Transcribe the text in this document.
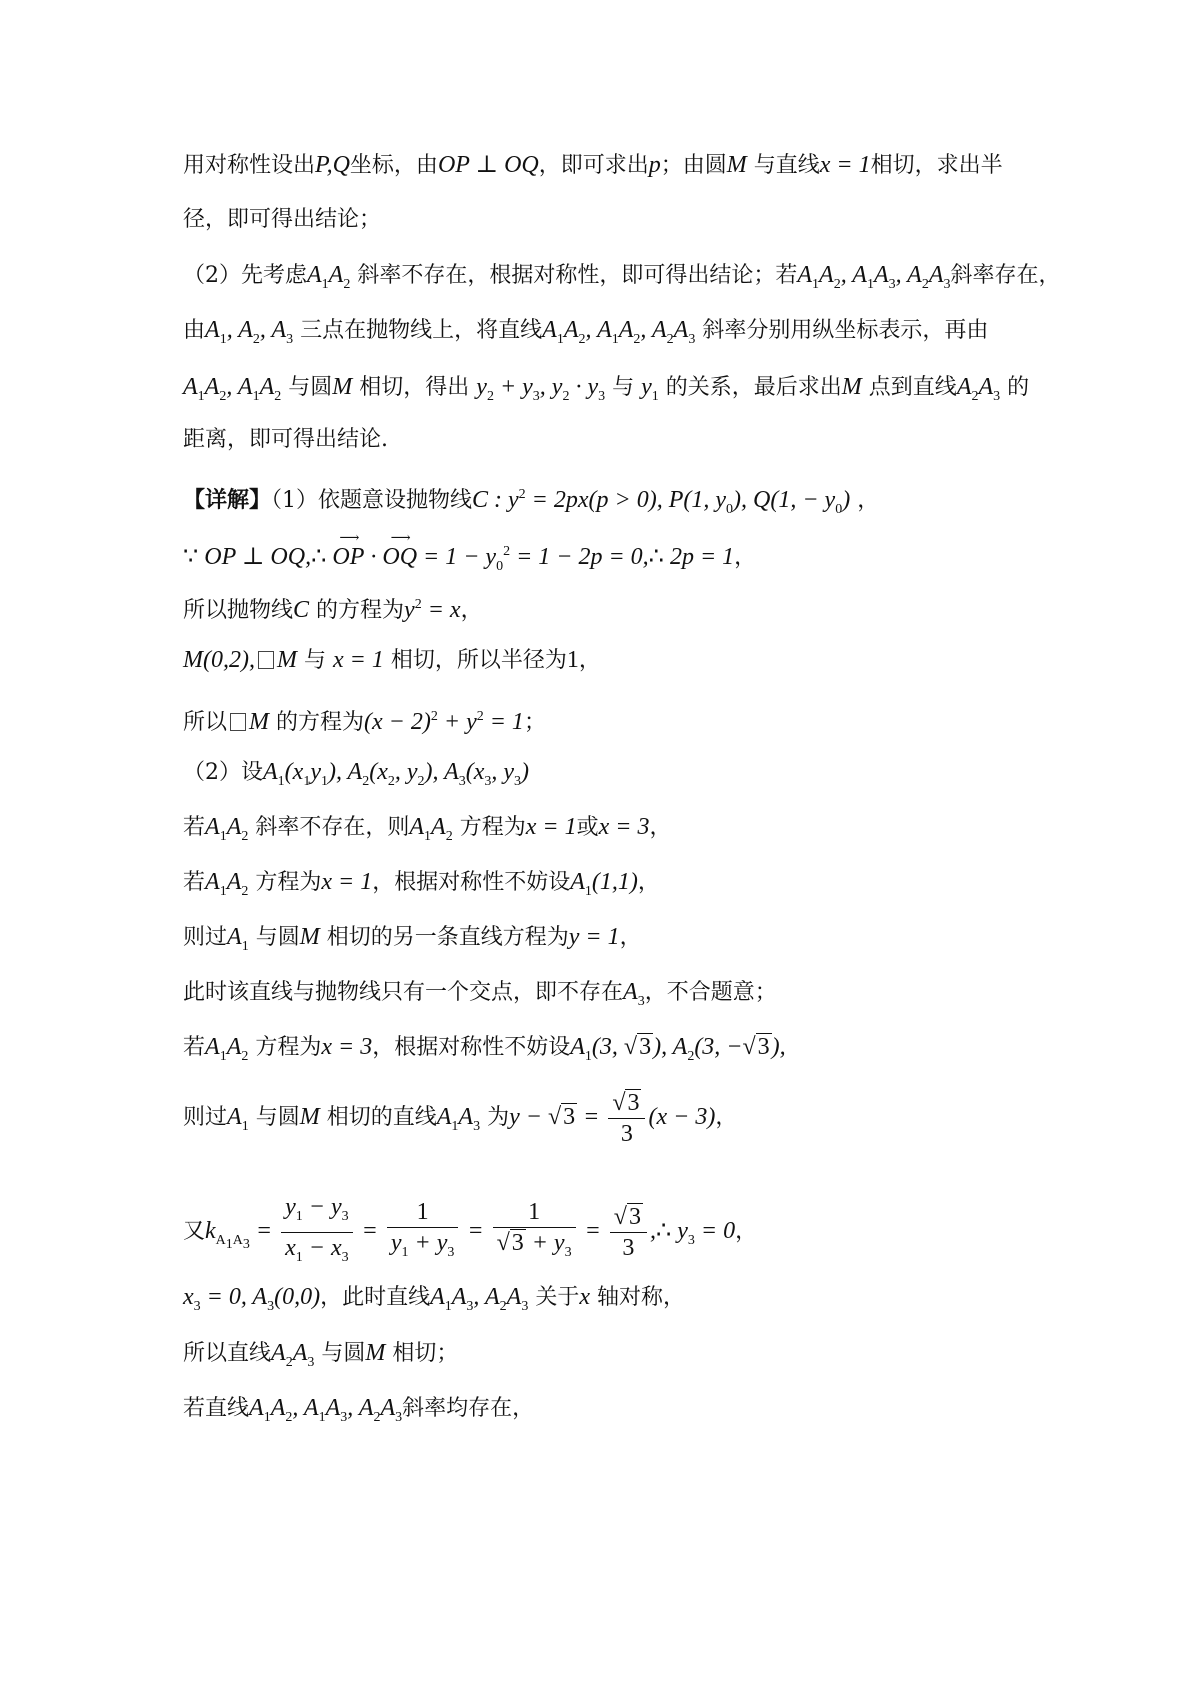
用对称性设出P,Q坐标，由OP ⊥ OQ，即可求出p；由圆M 与直线x = 1相切，求出半
径，即可得出结论；
（2）先考虑$A_1A_2$ 斜率不存在，根据对称性，即可得出结论；若$A_1A_2$, $A_1A_3$, $A_2A_3$斜率存在，
由$A_1$, $A_2$, $A_3$ 三点在抛物线上，将直线$A_1A_2$, $A_1A_2$, $A_2A_3$ 斜率分别用纵坐标表示，再由
$A_1A_2$, $A_1A_2$ 与圆M 相切，得出 $y_2 + y_3$, $y_2 \cdot y_3$ 与 $y_1$ 的关系，最后求出M 点到直线$A_2A_3$ 的
距离，即可得出结论.
【详解】（1）依题意设抛物线C : $y^2 = 2px(p > 0)$, P(1, $y_0$), Q(1, − $y_0$) ，
∵ OP ⊥ OQ,∴ OP
⟶
· OQ
⟶
= $1 - y_0^2 = 1 - 2p$ = 0,∴ 2p = 1，
所以抛物线C 的方程为$y^2 = x$，
M(0,2), M 与 x = 1 相切，所以半径为1，
所以 M 的方程为$(x - 2)^2 + y^2 = 1$；
（2）设$A_1(x_1y_1)$, $A_2(x_2$, $y_2$), $A_3(x_3$, $y_3$)
若$A_1A_2$ 斜率不存在，则$A_1A_2$ 方程为x = 1或x = 3，
若$A_1A_2$ 方程为x = 1，根据对称性不妨设$A_1(1,1)$，
则过$A_1$ 与圆M 相切的另一条直线方程为y = 1，
此时该直线与抛物线只有一个交点，即不存在$A_3$，不合题意；
若$A_1A_2$ 方程为x = 3，根据对称性不妨设$A_1(3$, √3), $A_2(3$, −√3),
则过$A_1$ 与圆M 相切的直线$A_1A_3$ 为$y - √3 = \frac{√3}{3} (x - 3)$，
又$k_{A_1A_3} = \frac{y_1 - y_3}{x_1 - x_3} = \frac{1}{y_1 + y_3} = \frac{1}{√3 + y_3} = \frac{√3}{3}$ ,∴ $y_3 = 0$，
$x_3 = 0$, $A_3(0,0)$，此时直线$A_1A_3$, $A_2A_3$ 关于x 轴对称，
所以直线$A_2A_3$ 与圆M 相切；
若直线$A_1A_2$, $A_1A_3$, $A_2A_3$斜率均存在，
